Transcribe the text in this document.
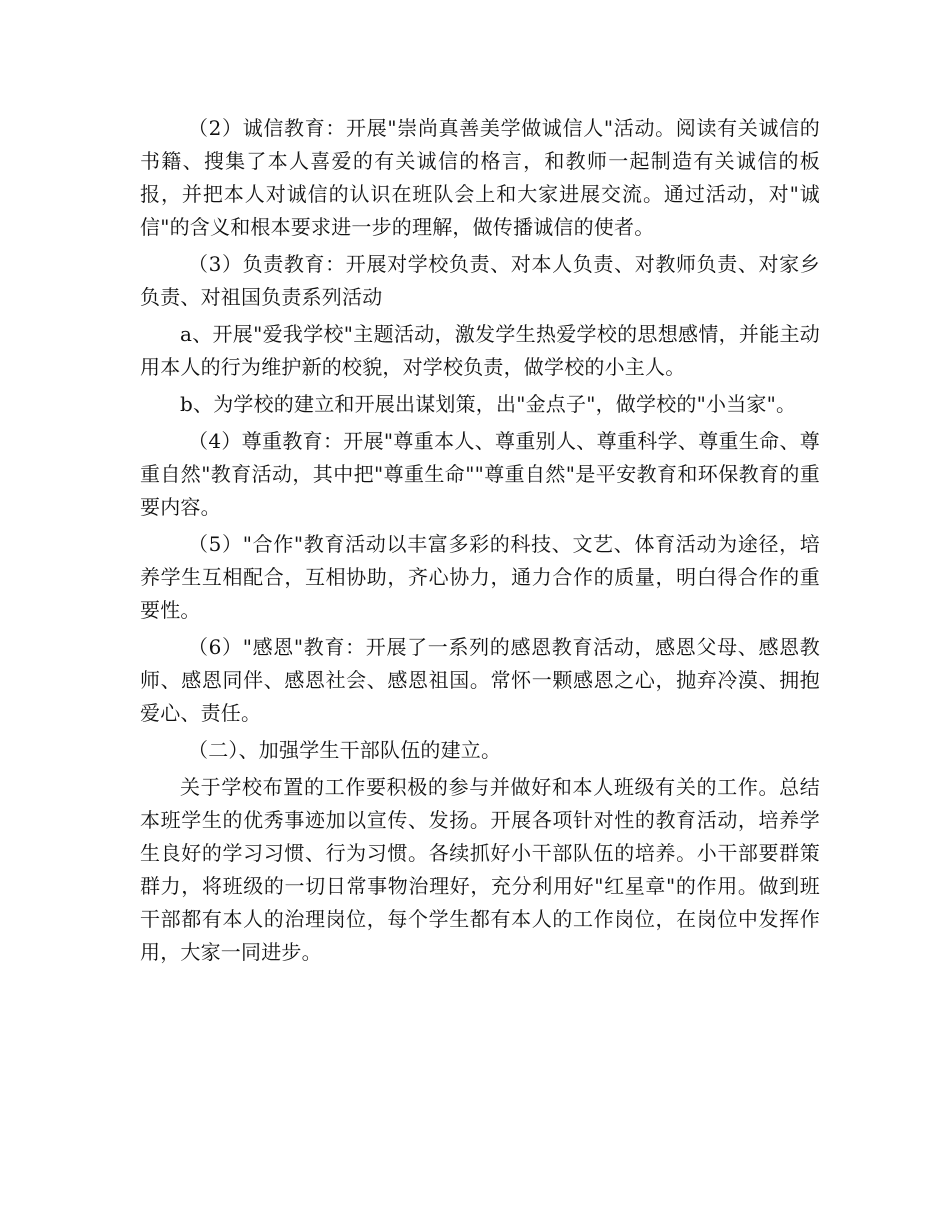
（2）诚信教育：开展"崇尚真善美学做诚信人"活动。阅读有关诚信的书籍、搜集了本人喜爱的有关诚信的格言，和教师一起制造有关诚信的板报，并把本人对诚信的认识在班队会上和大家进展交流。通过活动，对"诚信"的含义和根本要求进一步的理解，做传播诚信的使者。

（3）负责教育：开展对学校负责、对本人负责、对教师负责、对家乡负责、对祖国负责系列活动

a、开展"爱我学校"主题活动，激发学生热爱学校的思想感情，并能主动用本人的行为维护新的校貌，对学校负责，做学校的小主人。

b、为学校的建立和开展出谋划策，出"金点子"，做学校的"小当家"。

（4）尊重教育：开展"尊重本人、尊重别人、尊重科学、尊重生命、尊重自然"教育活动，其中把"尊重生命""尊重自然"是平安教育和环保教育的重要内容。

（5）"合作"教育活动以丰富多彩的科技、文艺、体育活动为途径，培养学生互相配合，互相协助，齐心协力，通力合作的质量，明白得合作的重要性。

（6）"感恩"教育：开展了一系列的感恩教育活动，感恩父母、感恩教师、感恩同伴、感恩社会、感恩祖国。常怀一颗感恩之心，抛弃冷漠、拥抱爱心、责任。

（二）、加强学生干部队伍的建立。

关于学校布置的工作要积极的参与并做好和本人班级有关的工作。总结本班学生的优秀事迹加以宣传、发扬。开展各项针对性的教育活动，培养学生良好的学习习惯、行为习惯。各续抓好小干部队伍的培养。小干部要群策群力，将班级的一切日常事物治理好，充分利用好"红星章"的作用。做到班干部都有本人的治理岗位，每个学生都有本人的工作岗位，在岗位中发挥作用，大家一同进步。
